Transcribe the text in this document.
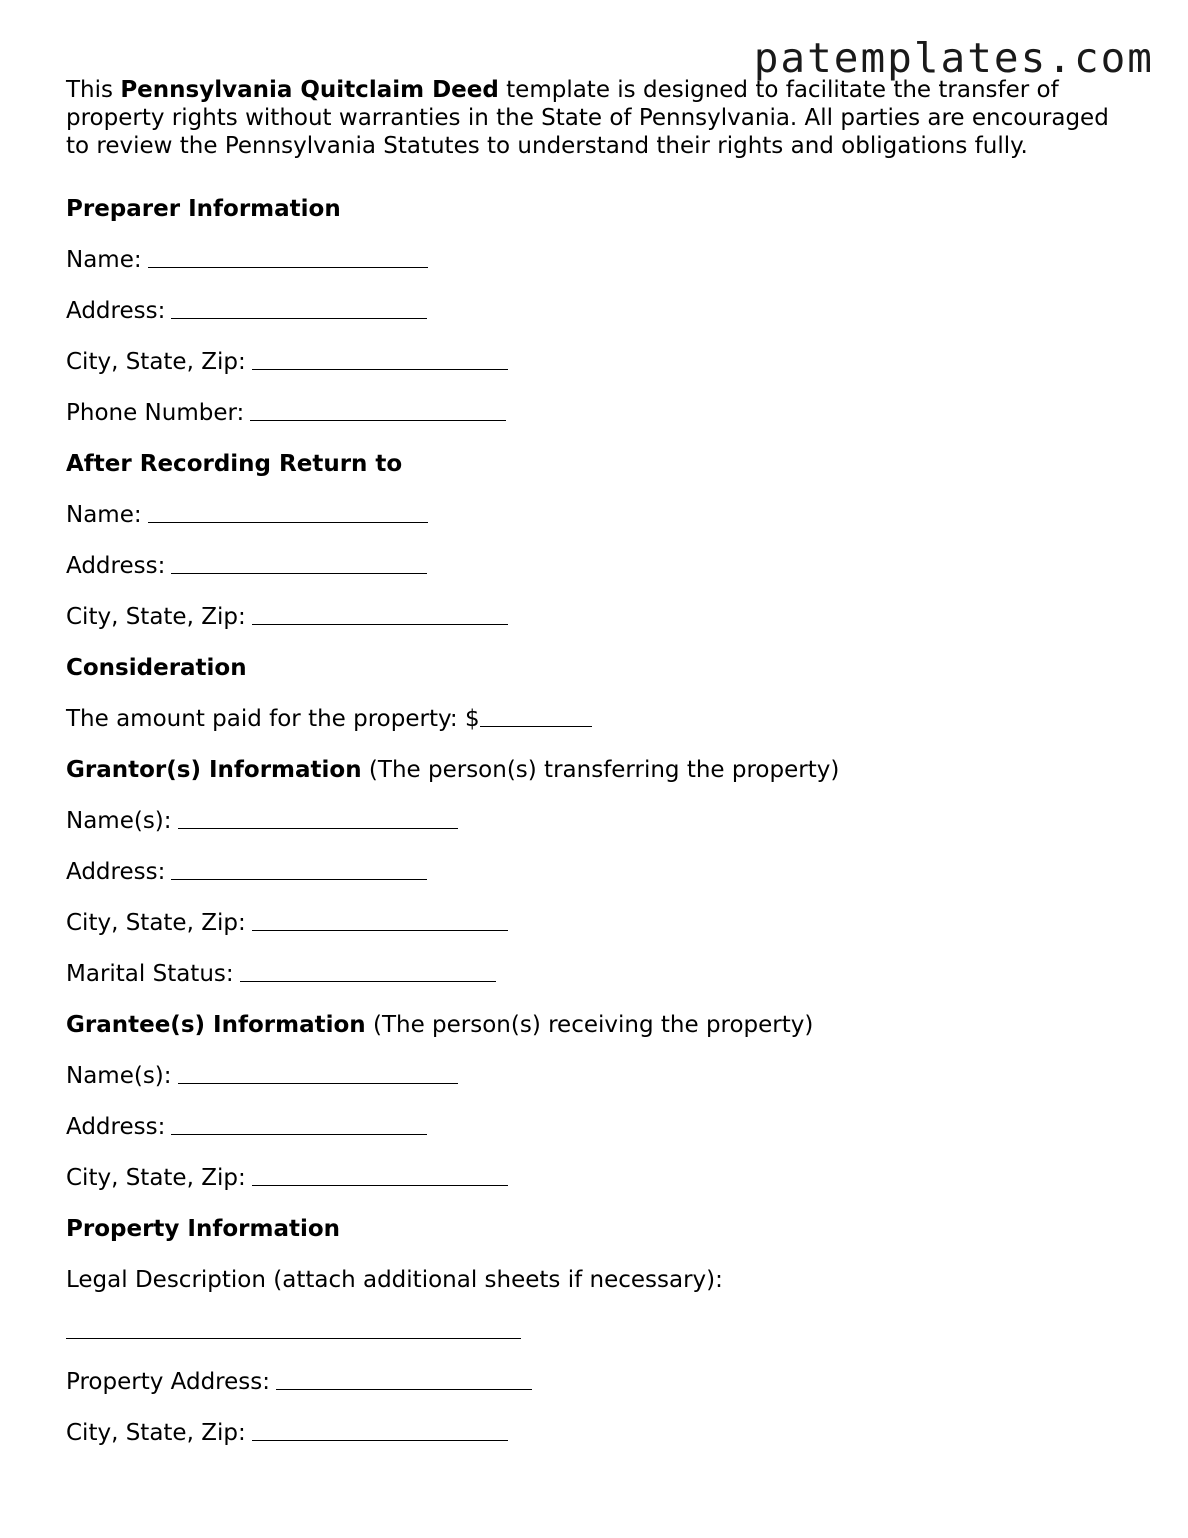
patemplates.com

This Pennsylvania Quitclaim Deed template is designed to facilitate the transfer of property rights without warranties in the State of Pennsylvania. All parties are encouraged to review the Pennsylvania Statutes to understand their rights and obligations fully.

Preparer Information
Name:
Address:
City, State, Zip:
Phone Number:
After Recording Return to
Name:
Address:
City, State, Zip:
Consideration
The amount paid for the property: $
Grantor(s) Information (The person(s) transferring the property)
Name(s):
Address:
City, State, Zip:
Marital Status:
Grantee(s) Information (The person(s) receiving the property)
Name(s):
Address:
City, State, Zip:
Property Information
Legal Description (attach additional sheets if necessary):
Property Address:
City, State, Zip:
